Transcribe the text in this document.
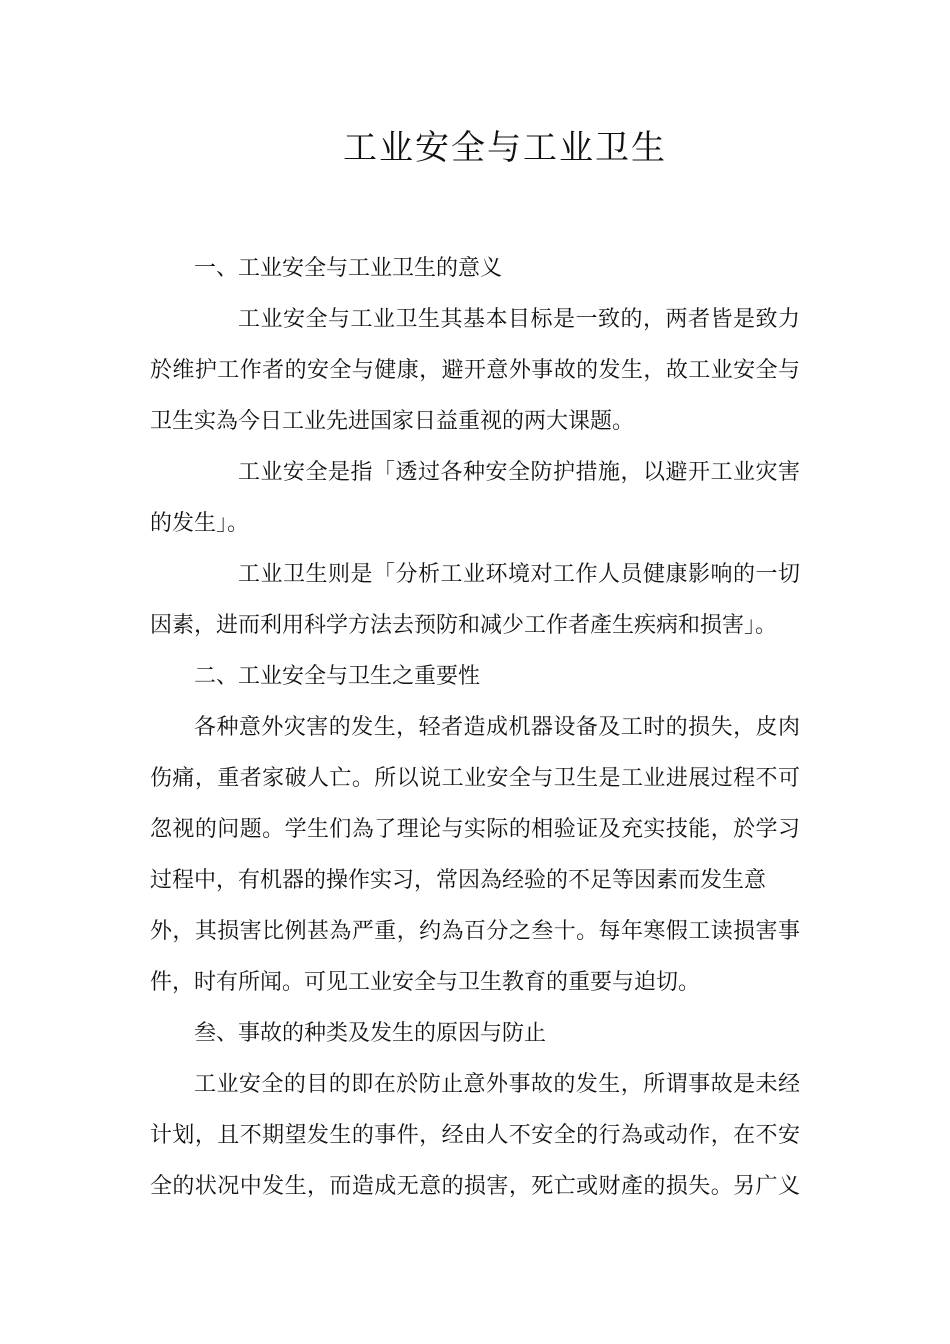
工业安全与工业卫生
一、工业安全与工业卫生的意义
工业安全与工业卫生其基本目标是一致的，两者皆是致力
於维护工作者的安全与健康，避开意外事故的发生，故工业安全与
卫生实為今日工业先进国家日益重视的两大课题。
工业安全是指「透过各种安全防护措施，以避开工业灾害
的发生」。
工业卫生则是「分析工业环境对工作人员健康影响的一切
因素，进而利用科学方法去预防和减少工作者產生疾病和损害」。
二、工业安全与卫生之重要性
各种意外灾害的发生，轻者造成机器设备及工时的损失，皮肉
伤痛，重者家破人亡。所以说工业安全与卫生是工业进展过程不可
忽视的问题。学生们為了理论与实际的相验证及充实技能，於学习
过程中，有机器的操作实习，常因為经验的不足等因素而发生意
外，其损害比例甚為严重，约為百分之叁十。每年寒假工读损害事
件，时有所闻。可见工业安全与卫生教育的重要与迫切。
叁、事故的种类及发生的原因与防止
工业安全的目的即在於防止意外事故的发生，所谓事故是未经
计划，且不期望发生的事件，经由人不安全的行為或动作，在不安
全的状况中发生，而造成无意的损害，死亡或财產的损失。另广义
